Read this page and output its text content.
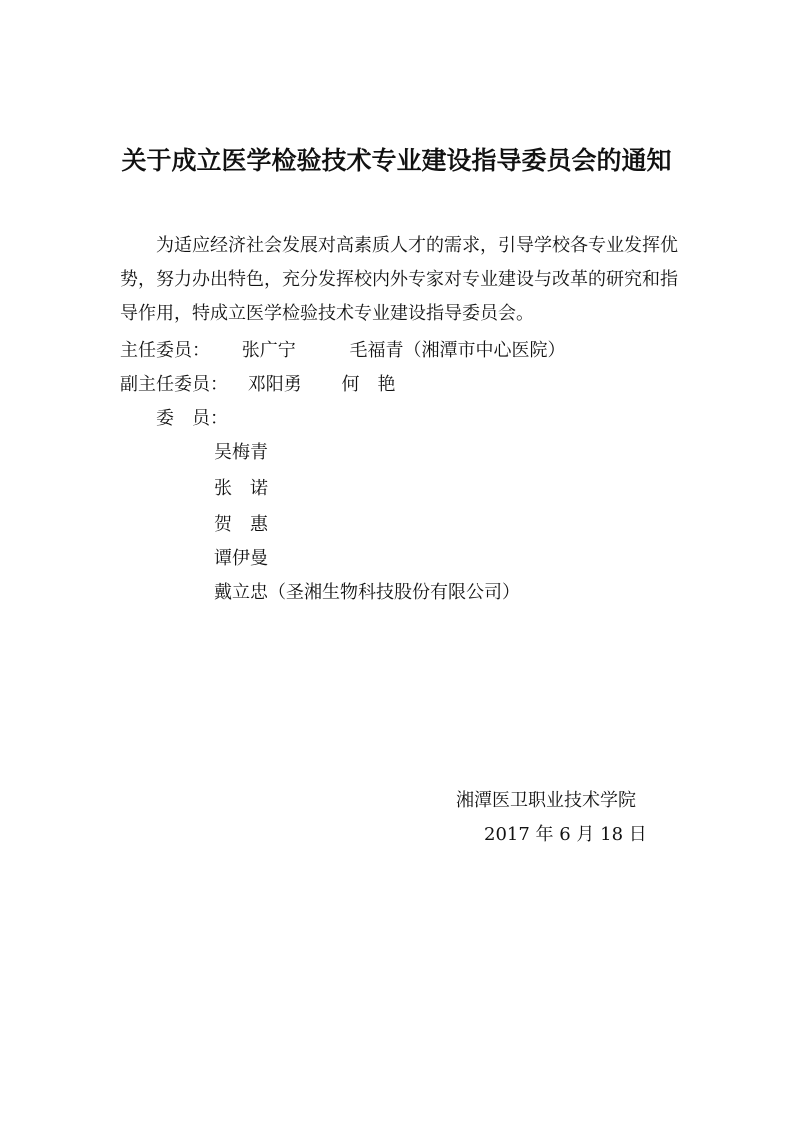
关于成立医学检验技术专业建设指导委员会的通知

为适应经济社会发展对高素质人才的需求，引导学校各专业发挥优势，努力办出特色，充分发挥校内外专家对专业建设与改革的研究和指导作用，特成立医学检验技术专业建设指导委员会。

主任委员： 张广宁	毛福青（湘潭市中心医院）
副主任委员： 邓阳勇 何　艳
委　员：
吴梅青
张　诺
贺　惠
谭伊曼
戴立忠（圣湘生物科技股份有限公司）
湘潭医卫职业技术学院
2017 年 6 月 18 日
